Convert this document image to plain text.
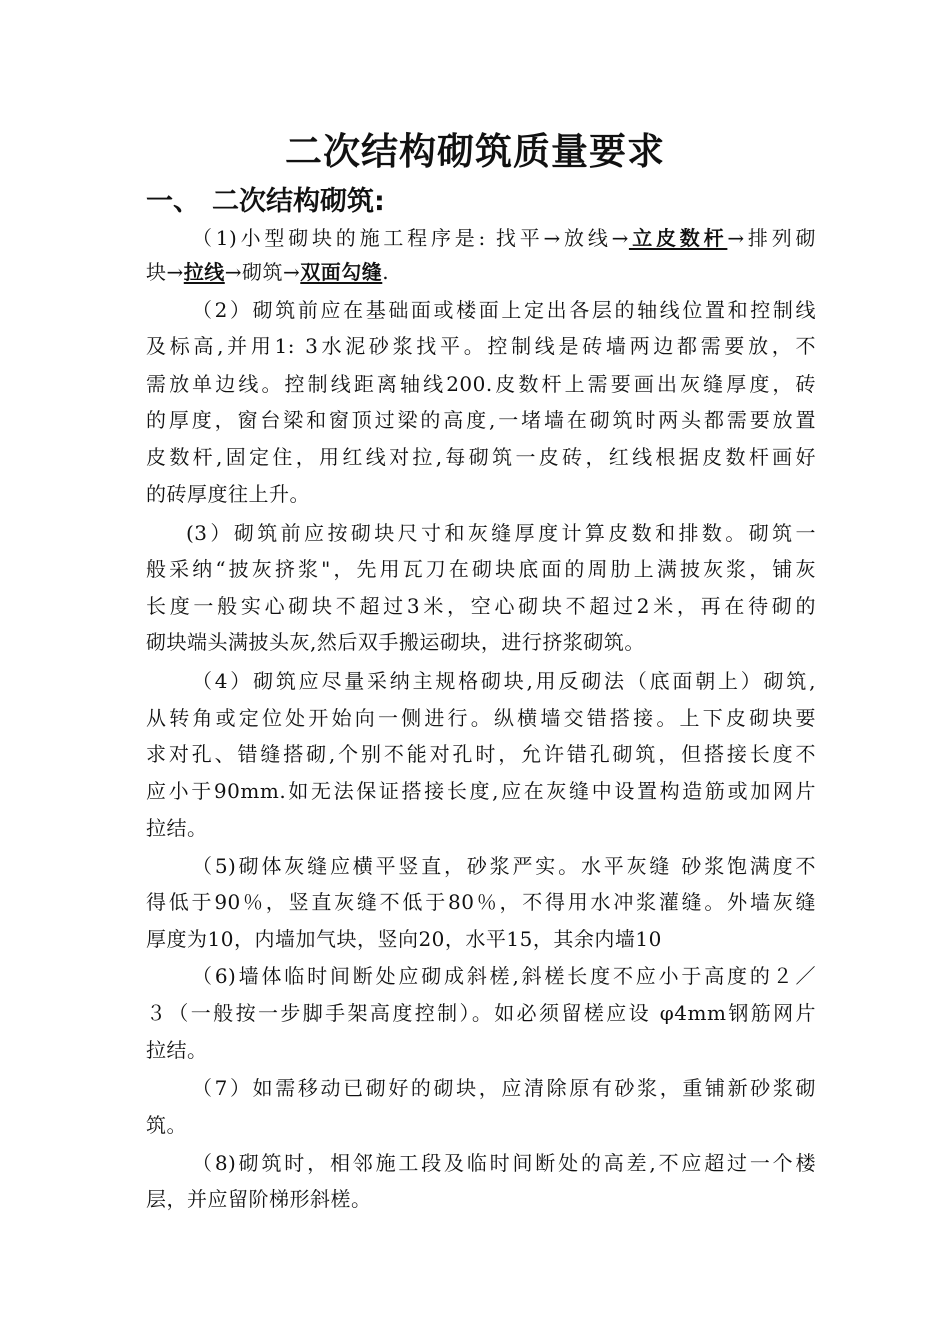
二次结构砌筑质量要求
一、 二次结构砌筑:
（1)小型砌块的施工程序是: 找平→放线→立皮数杆→排列砌
块→拉线→砌筑→双面勾缝.
（2）砌筑前应在基础面或楼面上定出各层的轴线位置和控制线
及标高,并用1: 3水泥砂浆找平。控制线是砖墙两边都需要放，不
需放单边线。控制线距离轴线200.皮数杆上需要画出灰缝厚度，砖
的厚度，窗台梁和窗顶过梁的高度,一堵墙在砌筑时两头都需要放置
皮数杆,固定住，用红线对拉,每砌筑一皮砖，红线根据皮数杆画好
的砖厚度往上升。
(3）砌筑前应按砌块尺寸和灰缝厚度计算皮数和排数。砌筑一
般采纳“披灰挤浆"，先用瓦刀在砌块底面的周肋上满披灰浆，铺灰
长度一般实心砌块不超过3米，空心砌块不超过2米，再在待砌的
砌块端头满披头灰,然后双手搬运砌块，进行挤浆砌筑。
（4）砌筑应尽量采纳主规格砌块,用反砌法（底面朝上）砌筑,
从转角或定位处开始向一侧进行。纵横墙交错搭接。上下皮砌块要
求对孔、错缝搭砌,个别不能对孔时，允许错孔砌筑，但搭接长度不
应小于90mm.如无法保证搭接长度,应在灰缝中设置构造筋或加网片
拉结。
（5)砌体灰缝应横平竖直，砂浆严实。水平灰缝 砂浆饱满度不
得低于90％，竖直灰缝不低于80％，不得用水冲浆灌缝。外墙灰缝
厚度为10，内墙加气块，竖向20，水平15，其余内墙10
（6)墙体临时间断处应砌成斜槎,斜槎长度不应小于高度的２／
３（一般按一步脚手架高度控制）。如必须留槎应设 φ4mm钢筋网片
拉结。
（7）如需移动已砌好的砌块，应清除原有砂浆，重铺新砂浆砌
筑。
（8)砌筑时，相邻施工段及临时间断处的高差,不应超过一个楼
层，并应留阶梯形斜槎。
